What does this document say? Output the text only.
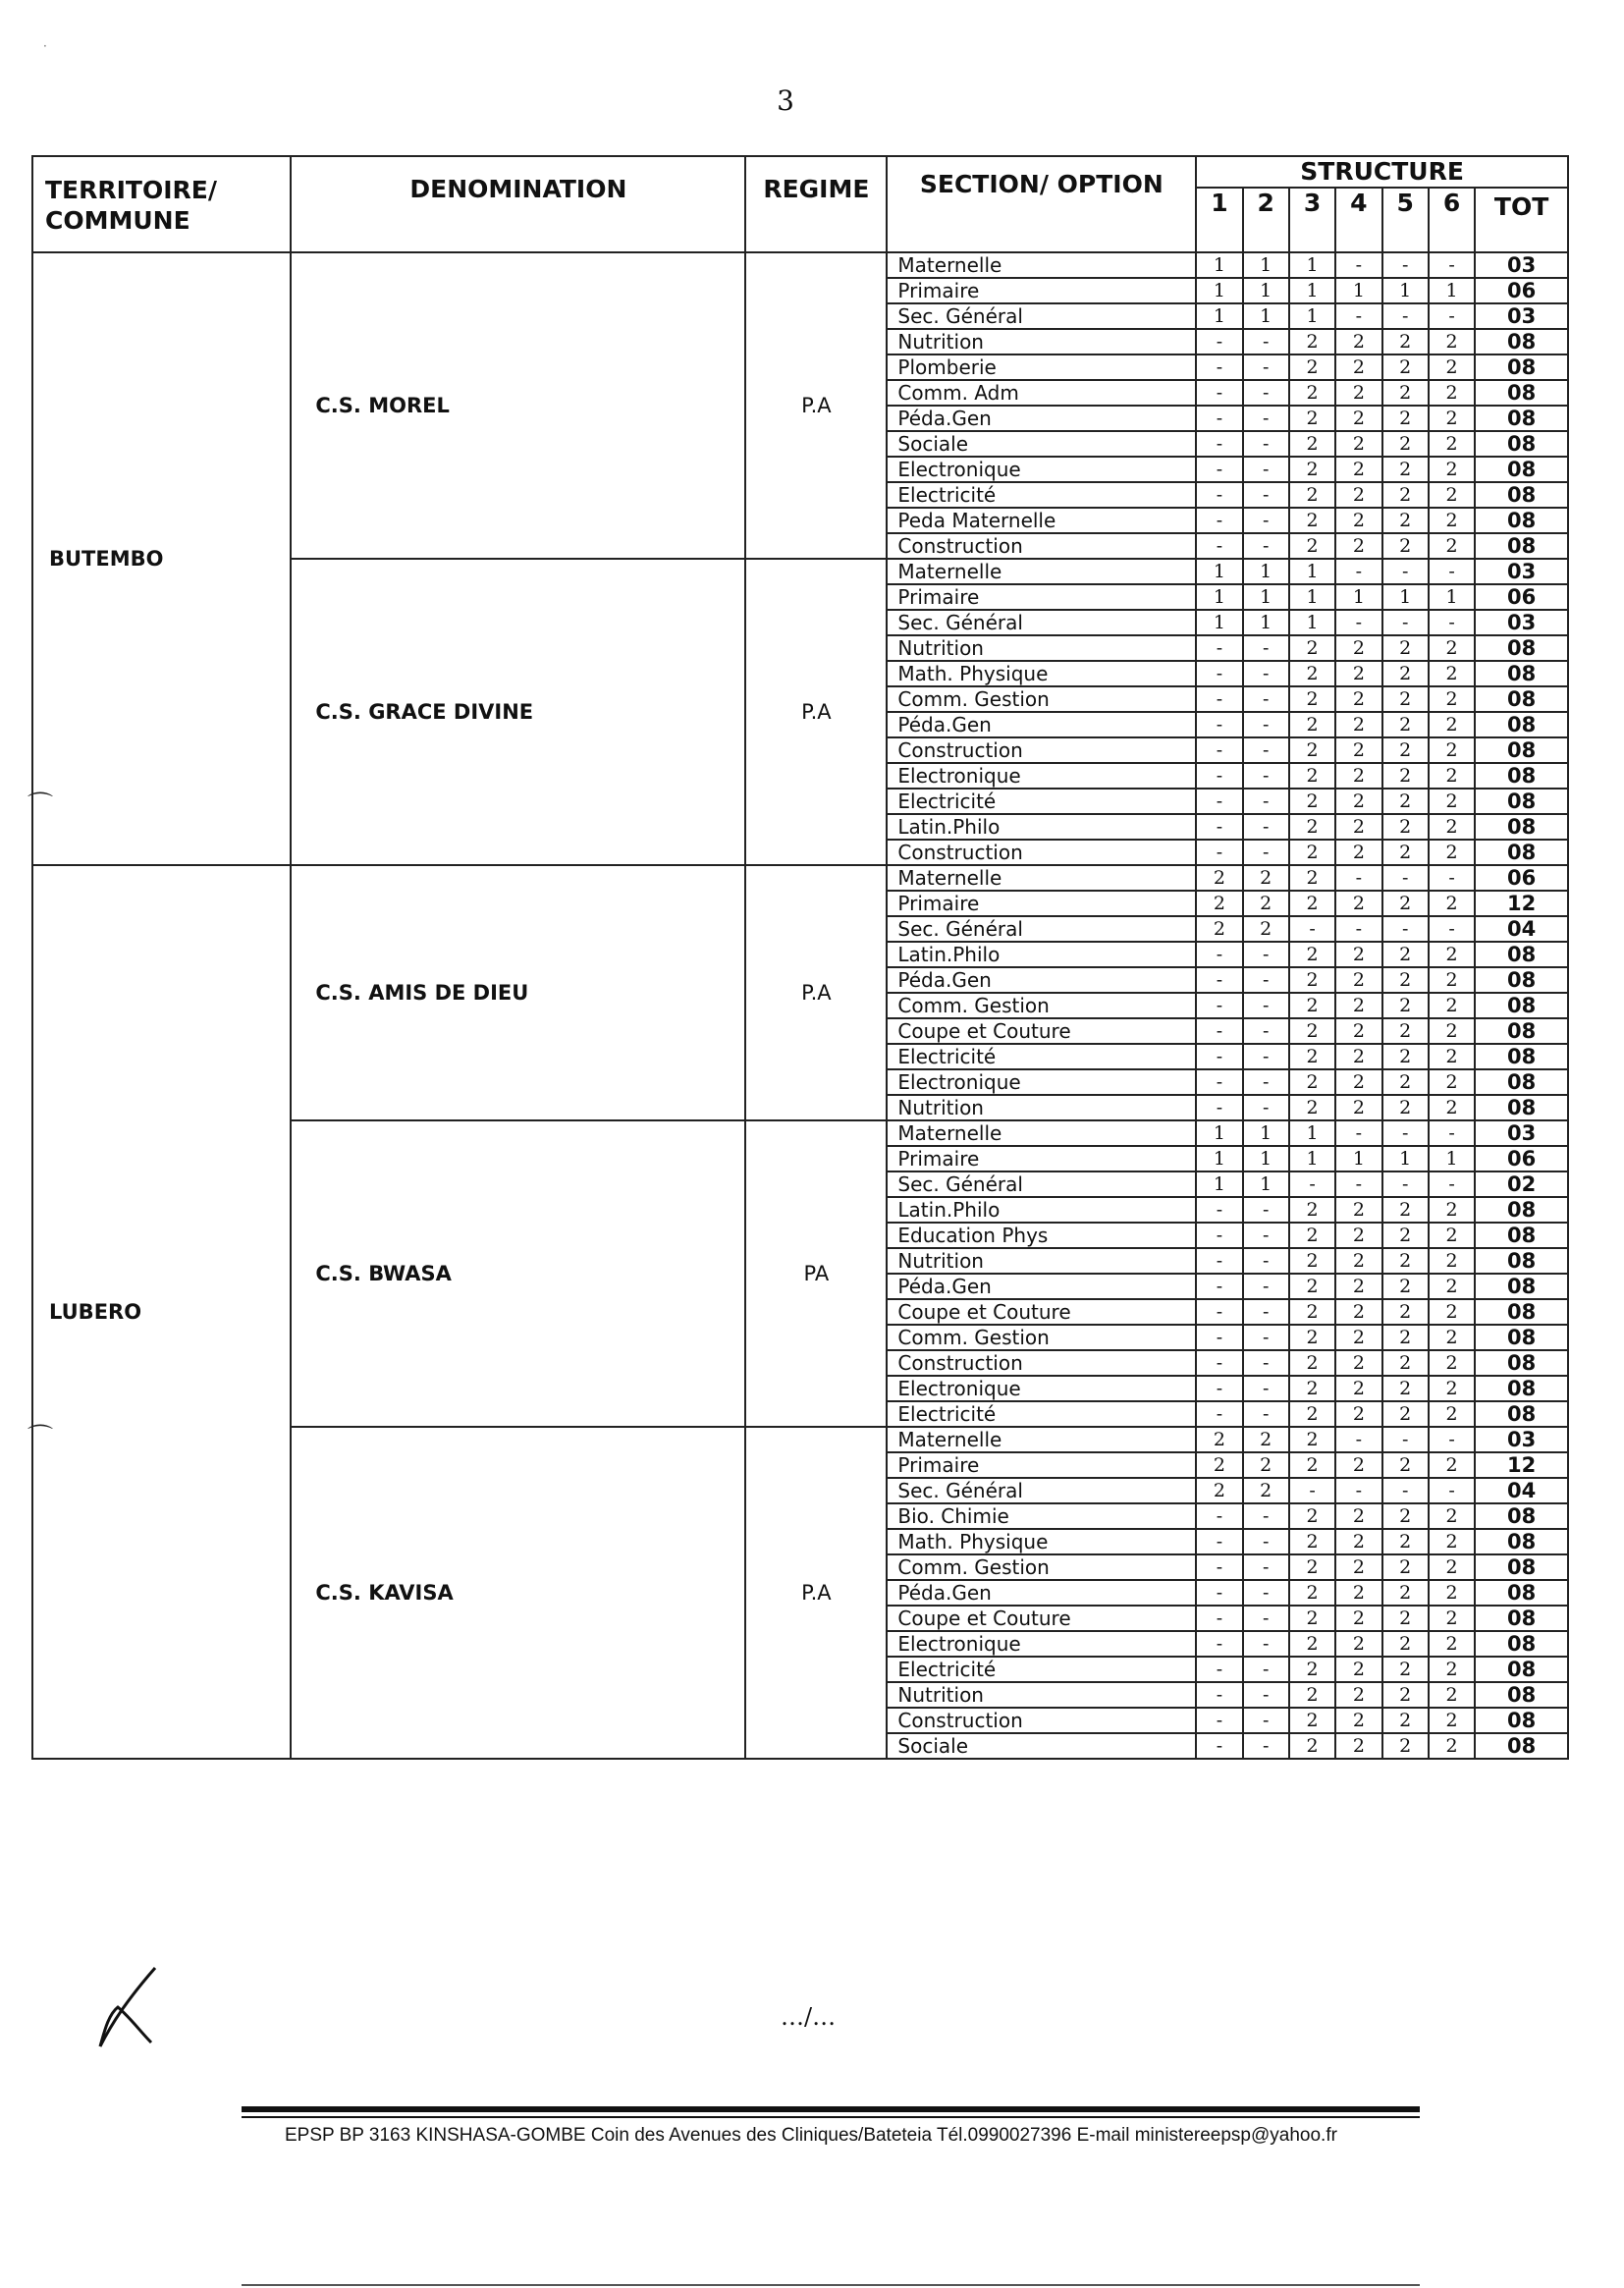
·
3
TERRITOIRE/ COMMUNE	DENOMINATION	REGIME	SECTION/ OPTION	STRUCTURE						
				1	2	3	4	5	6	TOT
BUTEMBO	C.S. MOREL	P.A	Maternelle	1	1	1	-	-	-	03
			Primaire	1	1	1	1	1	1	06
			Sec. Général	1	1	1	-	-	-	03
			Nutrition	-	-	2	2	2	2	08
			Plomberie	-	-	2	2	2	2	08
			Comm. Adm	-	-	2	2	2	2	08
			Péda.Gen	-	-	2	2	2	2	08
			Sociale	-	-	2	2	2	2	08
			Electronique	-	-	2	2	2	2	08
			Electricité	-	-	2	2	2	2	08
			Peda Maternelle	-	-	2	2	2	2	08
			Construction	-	-	2	2	2	2	08
	C.S. GRACE DIVINE	P.A	Maternelle	1	1	1	-	-	-	03
			Primaire	1	1	1	1	1	1	06
			Sec. Général	1	1	1	-	-	-	03
			Nutrition	-	-	2	2	2	2	08
			Math. Physique	-	-	2	2	2	2	08
			Comm. Gestion	-	-	2	2	2	2	08
			Péda.Gen	-	-	2	2	2	2	08
			Construction	-	-	2	2	2	2	08
			Electronique	-	-	2	2	2	2	08
			Electricité	-	-	2	2	2	2	08
			Latin.Philo	-	-	2	2	2	2	08
			Construction	-	-	2	2	2	2	08
LUBERO	C.S. AMIS DE DIEU	P.A	Maternelle	2	2	2	-	-	-	06
			Primaire	2	2	2	2	2	2	12
			Sec. Général	2	2	-	-	-	-	04
			Latin.Philo	-	-	2	2	2	2	08
			Péda.Gen	-	-	2	2	2	2	08
			Comm. Gestion	-	-	2	2	2	2	08
			Coupe et Couture	-	-	2	2	2	2	08
			Electricité	-	-	2	2	2	2	08
			Electronique	-	-	2	2	2	2	08
			Nutrition	-	-	2	2	2	2	08
	C.S. BWASA	PA	Maternelle	1	1	1	-	-	-	03
			Primaire	1	1	1	1	1	1	06
			Sec. Général	1	1	-	-	-	-	02
			Latin.Philo	-	-	2	2	2	2	08
			Education Phys	-	-	2	2	2	2	08
			Nutrition	-	-	2	2	2	2	08
			Péda.Gen	-	-	2	2	2	2	08
			Coupe et Couture	-	-	2	2	2	2	08
			Comm. Gestion	-	-	2	2	2	2	08
			Construction	-	-	2	2	2	2	08
			Electronique	-	-	2	2	2	2	08
			Electricité	-	-	2	2	2	2	08
	C.S. KAVISA	P.A	Maternelle	2	2	2	-	-	-	03
			Primaire	2	2	2	2	2	2	12
			Sec. Général	2	2	-	-	-	-	04
			Bio. Chimie	-	-	2	2	2	2	08
			Math. Physique	-	-	2	2	2	2	08
			Comm. Gestion	-	-	2	2	2	2	08
			Péda.Gen	-	-	2	2	2	2	08
			Coupe et Couture	-	-	2	2	2	2	08
			Electronique	-	-	2	2	2	2	08
			Electricité	-	-	2	2	2	2	08
			Nutrition	-	-	2	2	2	2	08
			Construction	-	-	2	2	2	2	08
			Sociale	-	-	2	2	2	2	08
…/…
EPSP BP 3163 KINSHASA-GOMBE Coin des Avenues des Cliniques/Bateteia Tél.0990027396 E-mail ministereepsp@yahoo.fr
⌒
⌒
